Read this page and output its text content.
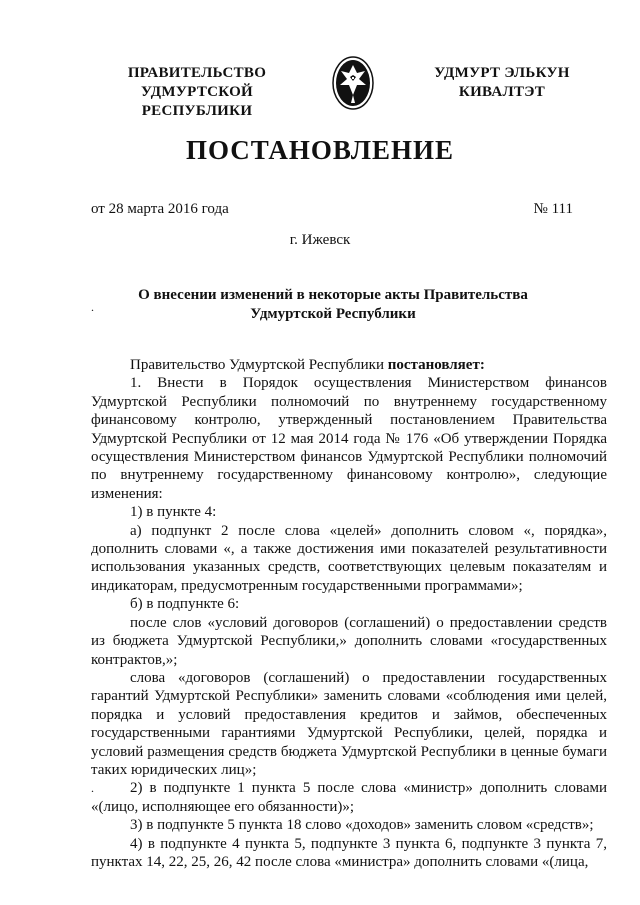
ПРАВИТЕЛЬСТВО
УДМУРТСКОЙ РЕСПУБЛИКИ
УДМУРТ ЭЛЬКУН
КИВАЛТЭТ
ПОСТАНОВЛЕНИЕ
от 28 марта 2016 года	№ 111
г. Ижевск
О внесении изменений в некоторые акты Правительства
Удмуртской Республики
.
.

Правительство Удмуртской Республики постановляет:

1. Внести в Порядок осуществления Министерством финансов Удмуртской Республики полномочий по внутреннему государственному финансовому контролю, утвержденный постановлением Правительства Удмуртской Республики от 12 мая 2014 года № 176 «Об утверждении Порядка осуществления Министерством финансов Удмуртской Республики полномочий по внутреннему государственному финансовому контролю», следующие изменения:

1) в пункте 4:

а) подпункт 2 после слова «целей» дополнить словом «, порядка», дополнить словами «, а также достижения ими показателей результативности использования указанных средств, соответствующих целевым показателям и индикаторам, предусмотренным государственными программами»;

б) в подпункте 6:

после слов «условий договоров (соглашений) о предоставлении средств из бюджета Удмуртской Республики,» дополнить словами «государственных контрактов,»;

слова «договоров (соглашений) о предоставлении государственных гарантий Удмуртской Республики» заменить словами «соблюдения ими целей, порядка и условий предоставления кредитов и займов, обеспеченных государственными гарантиями Удмуртской Республики, целей, порядка и условий размещения средств бюджета Удмуртской Республики в ценные бумаги таких юридических лиц»;

2) в подпункте 1 пункта 5 после слова «министр» дополнить словами «(лицо, исполняющее его обязанности)»;

3) в подпункте 5 пункта 18 слово «доходов» заменить словом «средств»;

4) в подпункте 4 пункта 5, подпункте 3 пункта 6, подпункте 3 пункта 7, пунктах 14, 22, 25, 26, 42 после слова «министра» дополнить словами «(лица,
